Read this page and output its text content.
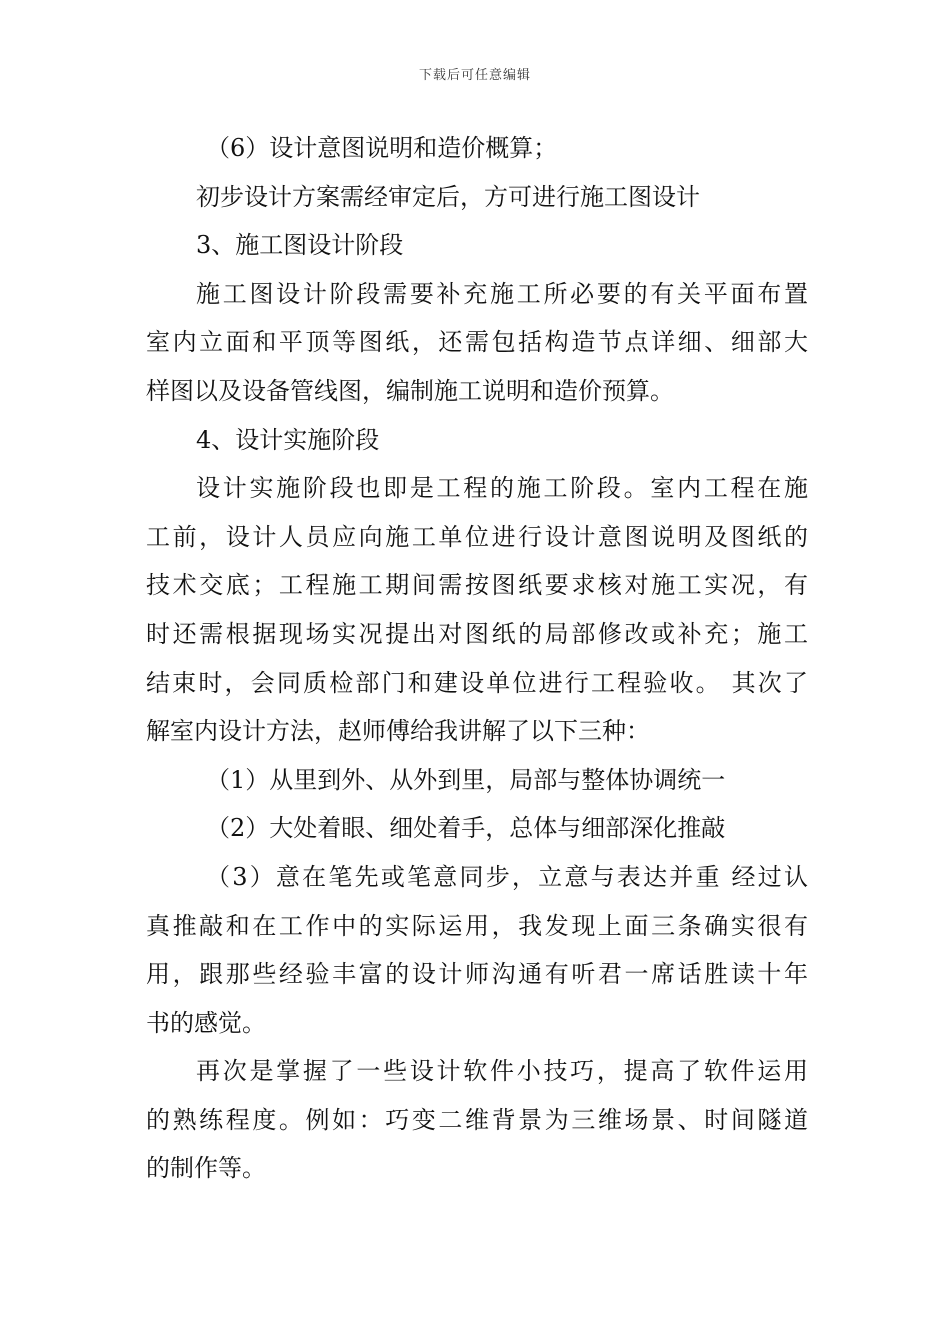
下载后可任意编辑
（6）设计意图说明和造价概算；
初步设计方案需经审定后，方可进行施工图设计
3、施工图设计阶段
施工图设计阶段需要补充施工所必要的有关平面布置
室内立面和平顶等图纸，还需包括构造节点详细、细部大
样图以及设备管线图，编制施工说明和造价预算。
4、设计实施阶段
设计实施阶段也即是工程的施工阶段。室内工程在施
工前，设计人员应向施工单位进行设计意图说明及图纸的
技术交底；工程施工期间需按图纸要求核对施工实况，有
时还需根据现场实况提出对图纸的局部修改或补充；施工
结束时，会同质检部门和建设单位进行工程验收。 其次了
解室内设计方法，赵师傅给我讲解了以下三种：
（1）从里到外、从外到里，局部与整体协调统一
（2）大处着眼、细处着手，总体与细部深化推敲
（3）意在笔先或笔意同步，立意与表达并重 经过认
真推敲和在工作中的实际运用，我发现上面三条确实很有
用，跟那些经验丰富的设计师沟通有听君一席话胜读十年
书的感觉。
再次是掌握了一些设计软件小技巧，提高了软件运用
的熟练程度。例如：巧变二维背景为三维场景、时间隧道
的制作等。
